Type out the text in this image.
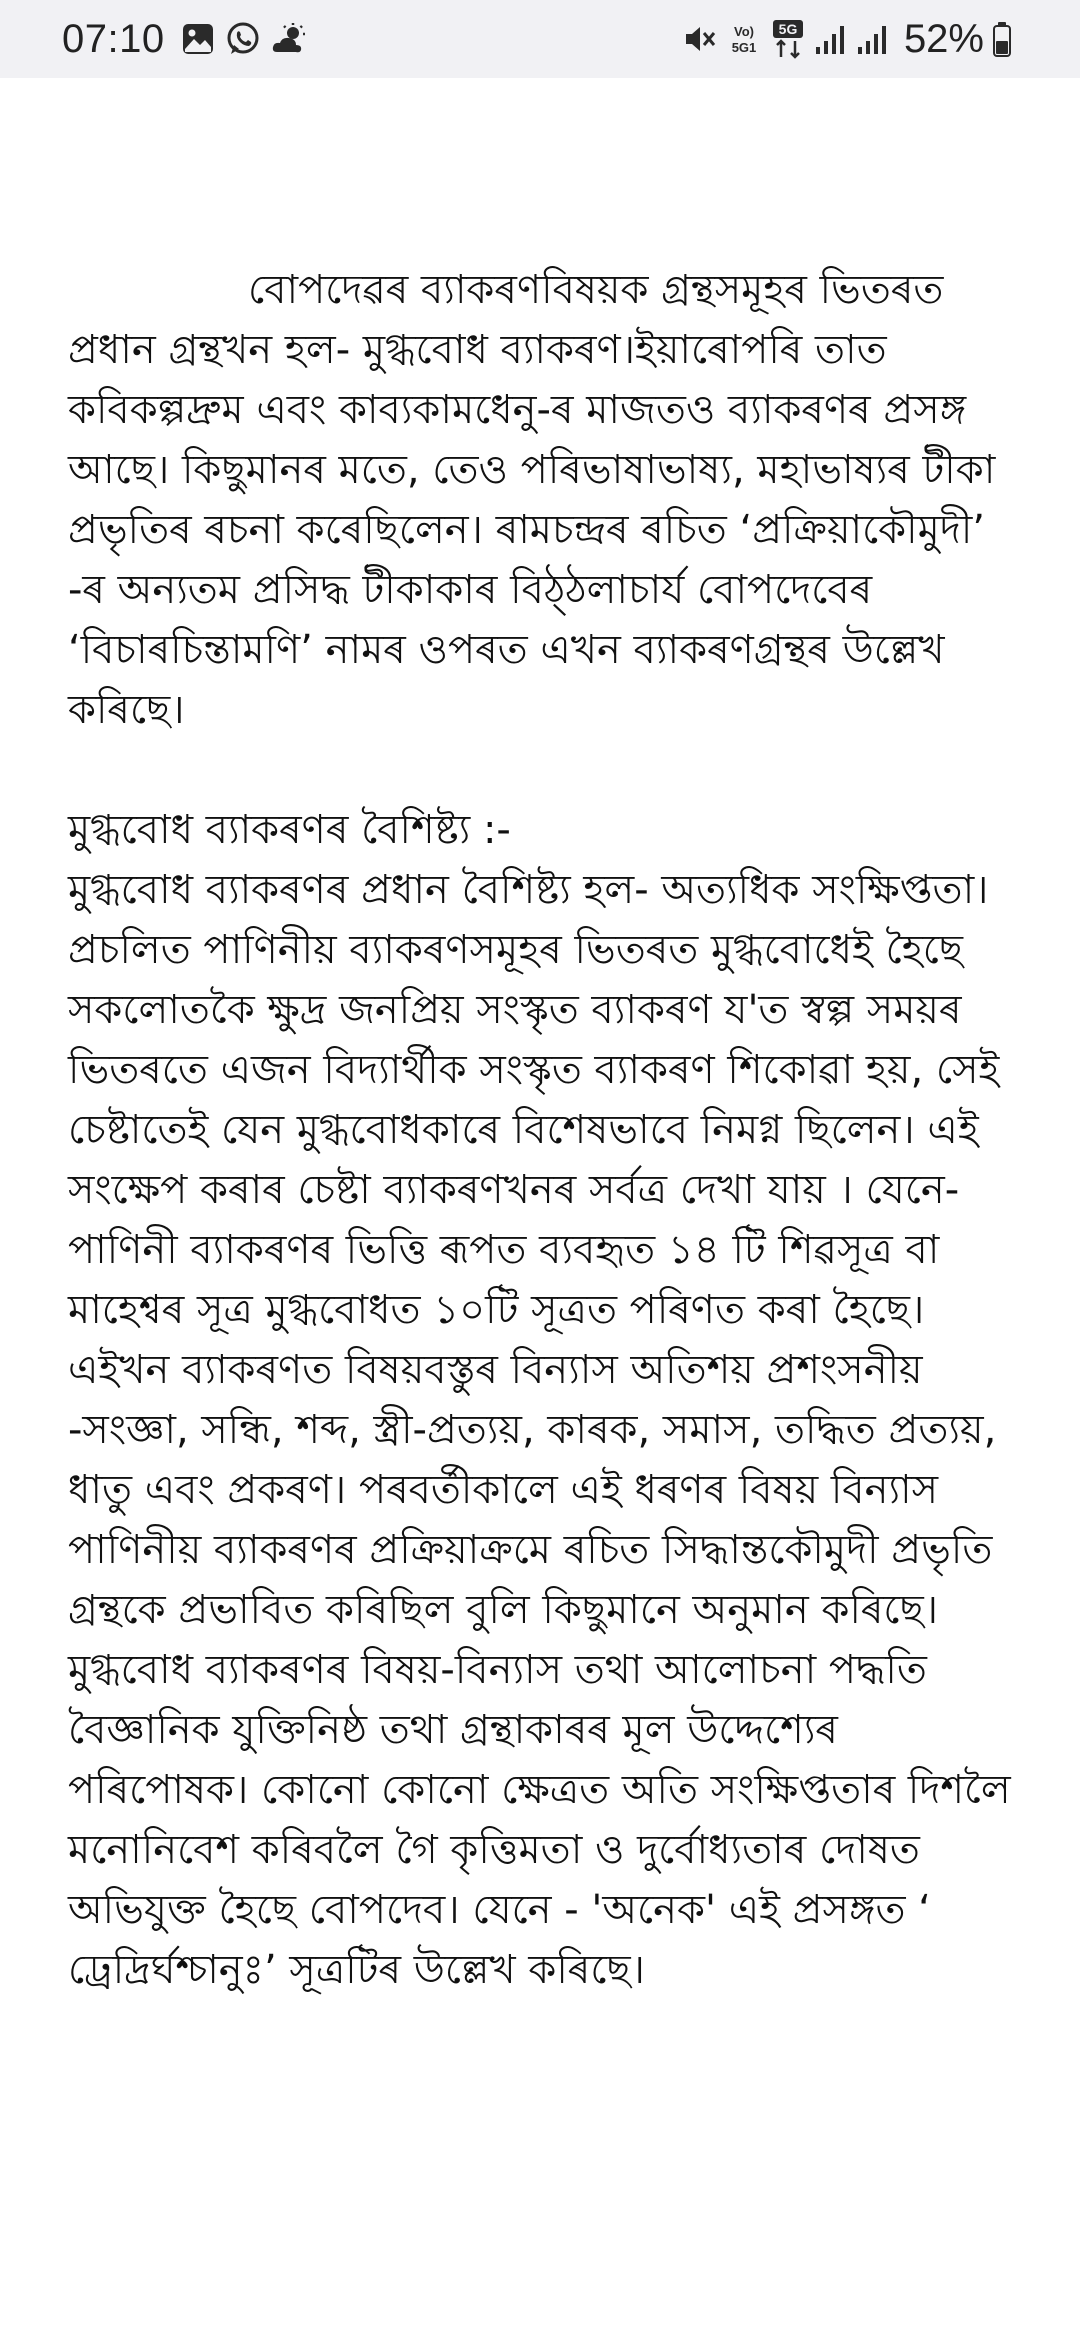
07:10	Vo)
5G1
5G	52%

বোপদেৱৰ ব্যাকৰণবিষয়ক গ্ৰন্থসমূহৰ ভিতৰত প্ৰধান গ্ৰন্থখন হল- মুগ্ধবোধ ব্যাকৰণ।ইয়াৰোপৰি তাত কবিকল্পদ্ৰুম এবং কাব্যকামধেনু-ৰ মাজতও ব্যাকৰণৰ প্ৰসঙ্গ আছে। কিছুমানৰ মতে, তেও পৰিভাষাভাষ্য, মহাভাষ্যৰ টীকা প্ৰভৃতিৰ ৰচনা কৰেছিলেন। ৰামচন্দ্ৰৰ ৰচিত ‘প্ৰক্ৰিয়াকৌমুদী’ -ৰ অন্যতম প্ৰসিদ্ধ টীকাকাৰ বিঠ্ঠলাচাৰ্য বোপদেবেৰ ‘বিচাৰচিন্তামণি’ নামৰ ওপৰত এখন ব্যাকৰণগ্ৰন্থৰ উল্লেখ কৰিছে।

মুগ্ধবোধ ব্যাকৰণৰ বৈশিষ্ট্য :-

মুগ্ধবোধ ব্যাকৰণৰ প্ৰধান বৈশিষ্ট্য হল- অত্যধিক সংক্ষিপ্ততা। প্ৰচলিত পাণিনীয় ব্যাকৰণসমূহৰ ভিতৰত মুগ্ধবোধেই হৈছে সকলোতকৈ ক্ষুদ্ৰ জনপ্ৰিয় সংস্কৃত ব্যাকৰণ য'ত স্বল্প সময়ৰ ভিতৰতে এজন বিদ্যাৰ্থীক সংস্কৃত ব্যাকৰণ শিকোৱা হয়, সেই চেষ্টাতেই যেন মুগ্ধবোধকাৰে বিশেষভাবে নিমগ্ন ছিলেন। এই সংক্ষেপ কৰাৰ চেষ্টা ব্যাকৰণখনৰ সৰ্বত্ৰ দেখা যায় । যেনে- পাণিনী ব্যাকৰণৰ ভিত্তি ৰূপত ব্যবহৃত ১৪ টি শিৱসূত্ৰ বা মাহেশ্বৰ সূত্ৰ মুগ্ধবোধত ১০টি সূত্ৰত পৰিণত কৰা হৈছে। এইখন ব্যাকৰণত বিষয়বস্তুৰ বিন্যাস অতিশয় প্ৰশংসনীয় -সংজ্ঞা, সন্ধি, শব্দ, স্ত্ৰী-প্ৰত্যয়, কাৰক, সমাস, তদ্ধিত প্ৰত্যয়, ধাতু এবং প্ৰকৰণ। পৰবৰ্তীকালে এই ধৰণৰ বিষয় বিন্যাস পাণিনীয় ব্যাকৰণৰ প্ৰক্ৰিয়াক্ৰমে ৰচিত সিদ্ধান্তকৌমুদী প্ৰভৃতি গ্ৰন্থকে প্ৰভাবিত কৰিছিল বুলি কিছুমানে অনুমান কৰিছে। মুগ্ধবোধ ব্যাকৰণৰ বিষয়-বিন্যাস তথা আলোচনা পদ্ধতি বৈজ্ঞানিক যুক্তিনিষ্ঠ তথা গ্ৰন্থাকাৰৰ মূল উদ্দেশ্যেৰ পৰিপোষক। কোনো কোনো ক্ষেত্ৰত অতি সংক্ষিপ্ততাৰ দিশলৈ মনোনিবেশ কৰিবলৈ গৈ কৃত্তিমতা ও দুৰ্বোধ্যতাৰ দোষত অভিযুক্ত হৈছে বোপদেব। যেনে - 'অনেক' এই প্ৰসঙ্গত ‘ ঢ্ৰেদ্ৰিৰ্ঘশ্চানুঃ’ সূত্ৰটিৰ উল্লেখ কৰিছে।
